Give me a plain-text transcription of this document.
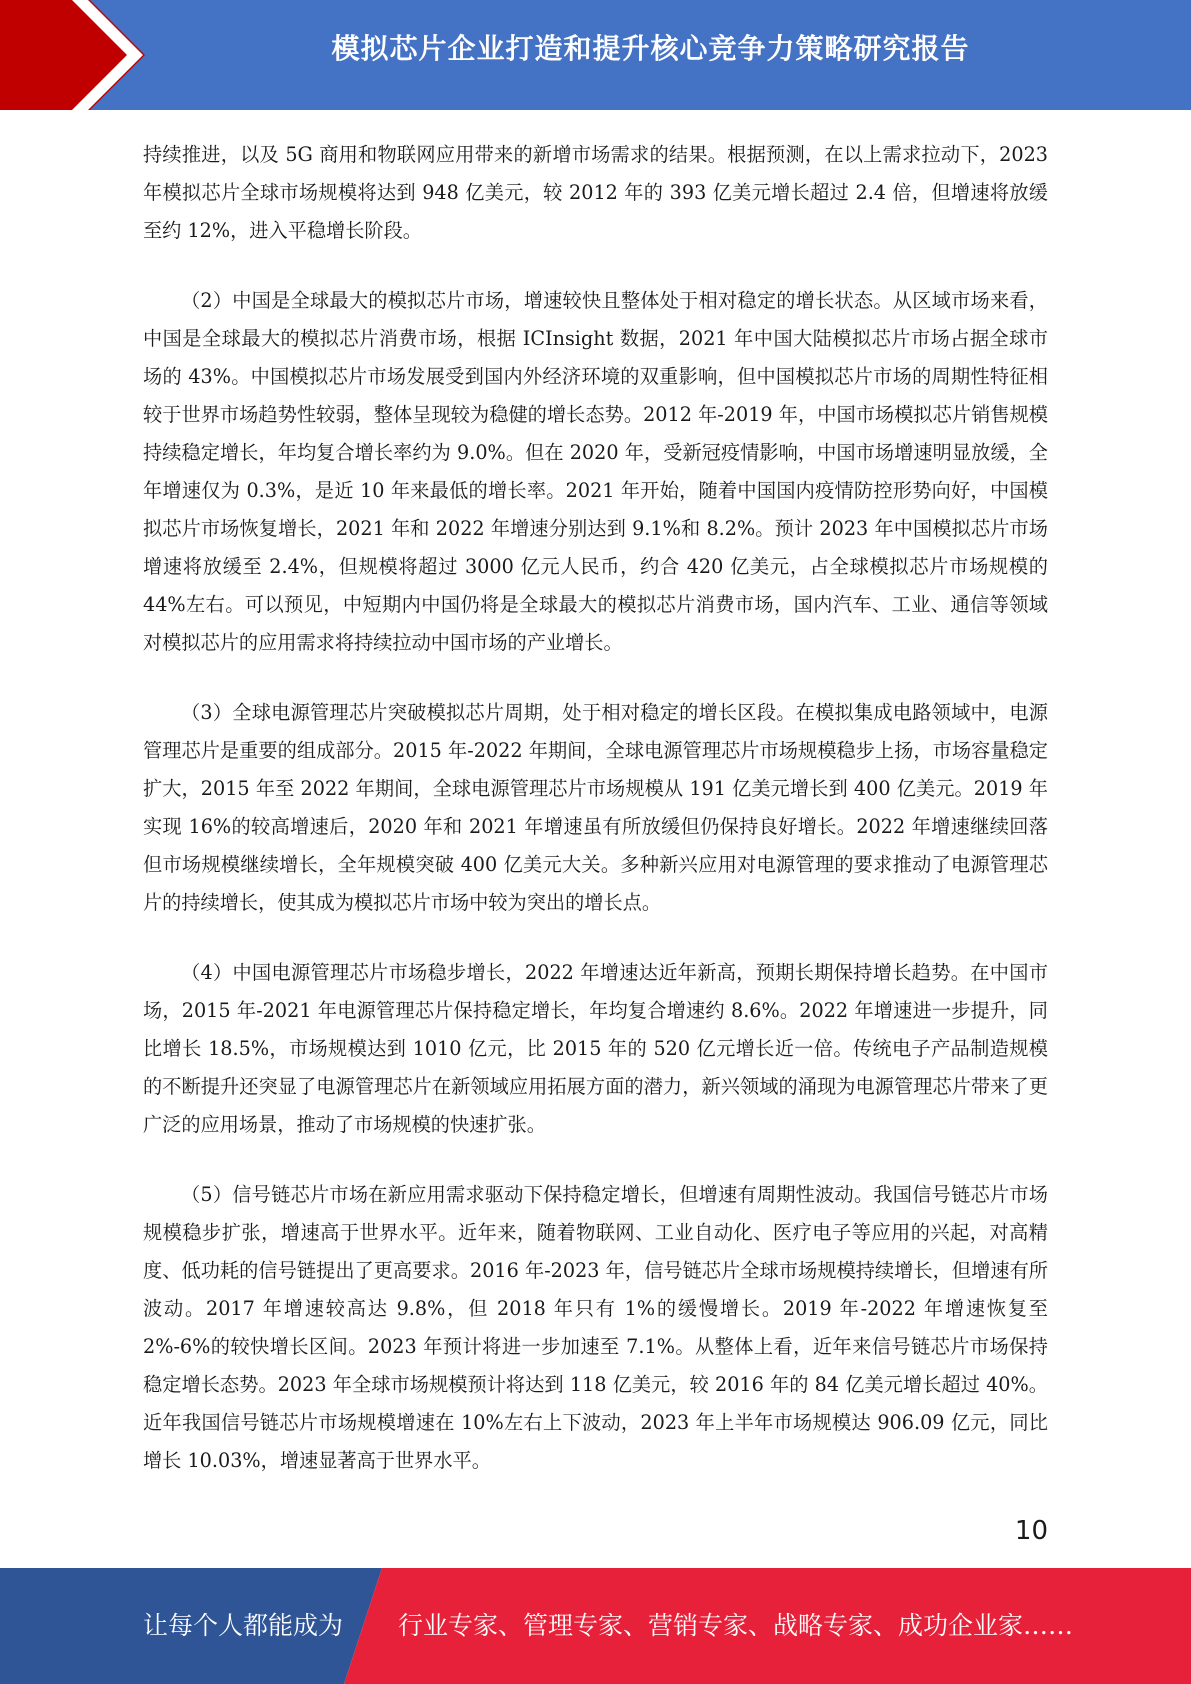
模拟芯片企业打造和提升核心竞争力策略研究报告

持续推进，以及 5G 商用和物联网应用带来的新增市场需求的结果。根据预测，在以上需求拉动下，2023 年模拟芯片全球市场规模将达到 948 亿美元，较 2012 年的 393 亿美元增长超过 2.4 倍，但增速将放缓至约 12%，进入平稳增长阶段。

（2）中国是全球最大的模拟芯片市场，增速较快且整体处于相对稳定的增长状态。从区域市场来看，中国是全球最大的模拟芯片消费市场，根据 ICInsight 数据，2021 年中国大陆模拟芯片市场占据全球市场的 43%。中国模拟芯片市场发展受到国内外经济环境的双重影响，但中国模拟芯片市场的周期性特征相较于世界市场趋势性较弱，整体呈现较为稳健的增长态势。2012 年-2019 年，中国市场模拟芯片销售规模持续稳定增长，年均复合增长率约为 9.0%。但在 2020 年，受新冠疫情影响，中国市场增速明显放缓，全年增速仅为 0.3%，是近 10 年来最低的增长率。2021 年开始，随着中国国内疫情防控形势向好，中国模拟芯片市场恢复增长，2021 年和 2022 年增速分别达到 9.1%和 8.2%。预计 2023 年中国模拟芯片市场增速将放缓至 2.4%，但规模将超过 3000 亿元人民币，约合 420 亿美元，占全球模拟芯片市场规模的 44%左右。可以预见，中短期内中国仍将是全球最大的模拟芯片消费市场，国内汽车、工业、通信等领域对模拟芯片的应用需求将持续拉动中国市场的产业增长。

（3）全球电源管理芯片突破模拟芯片周期，处于相对稳定的增长区段。在模拟集成电路领域中，电源管理芯片是重要的组成部分。2015 年-2022 年期间，全球电源管理芯片市场规模稳步上扬，市场容量稳定扩大，2015 年至 2022 年期间，全球电源管理芯片市场规模从 191 亿美元增长到 400 亿美元。2019 年实现 16%的较高增速后，2020 年和 2021 年增速虽有所放缓但仍保持良好增长。2022 年增速继续回落但市场规模继续增长，全年规模突破 400 亿美元大关。多种新兴应用对电源管理的要求推动了电源管理芯片的持续增长，使其成为模拟芯片市场中较为突出的增长点。

（4）中国电源管理芯片市场稳步增长，2022 年增速达近年新高，预期长期保持增长趋势。在中国市场，2015 年-2021 年电源管理芯片保持稳定增长，年均复合增速约 8.6%。2022 年增速进一步提升，同比增长 18.5%，市场规模达到 1010 亿元，比 2015 年的 520 亿元增长近一倍。传统电子产品制造规模的不断提升还突显了电源管理芯片在新领域应用拓展方面的潜力，新兴领域的涌现为电源管理芯片带来了更广泛的应用场景，推动了市场规模的快速扩张。

（5）信号链芯片市场在新应用需求驱动下保持稳定增长，但增速有周期性波动。我国信号链芯片市场规模稳步扩张，增速高于世界水平。近年来，随着物联网、工业自动化、医疗电子等应用的兴起，对高精度、低功耗的信号链提出了更高要求。2016 年-2023 年，信号链芯片全球市场规模持续增长，但增速有所波动。2017 年增速较高达 9.8%，但 2018 年只有 1%的缓慢增长。2019 年-2022 年增速恢复至 2%-6%的较快增长区间。2023 年预计将进一步加速至 7.1%。从整体上看，近年来信号链芯片市场保持稳定增长态势。2023 年全球市场规模预计将达到 118 亿美元，较 2016 年的 84 亿美元增长超过 40%。近年我国信号链芯片市场规模增速在 10%左右上下波动，2023 年上半年市场规模达 906.09 亿元，同比增长 10.03%，增速显著高于世界水平。

10
让每个人都能成为 行业专家、管理专家、营销专家、战略专家、成功企业家……
